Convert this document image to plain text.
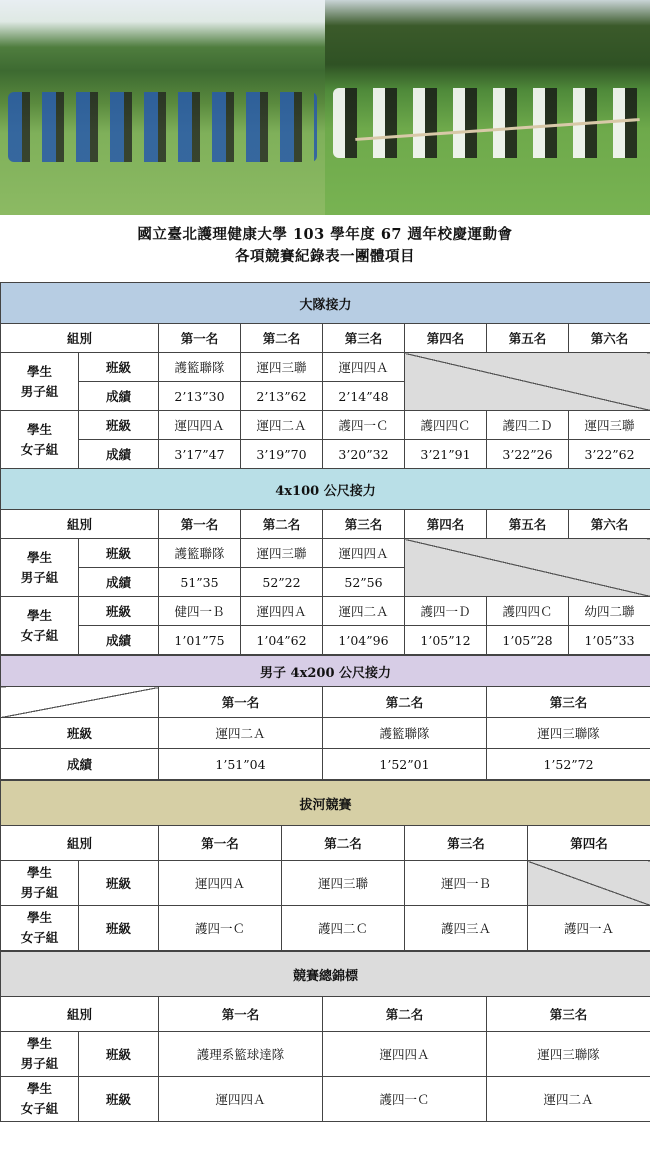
國立臺北護理健康大學 103 學年度 67 週年校慶運動會
各項競賽紀錄表一團體項目
大隊接力							
組別		第一名	第二名	第三名	第四名	第五名	第六名
學生
男子組	班級	護籃聯隊	運四三聯	運四四Ａ			
	成績	2’13”30	2’13”62	2’14”48			
學生
女子組	班級	運四四Ａ	運四二Ａ	護四一Ｃ	護四四Ｃ	護四二Ｄ	運四三聯
	成績	3’17”47	3’19”70	3’20”32	3’21”91	3’22”26	3’22”62
4x100 公尺接力							
組別		第一名	第二名	第三名	第四名	第五名	第六名
學生
男子組	班級	護籃聯隊	運四三聯	運四四Ａ			
	成績	51”35	52”22	52”56			
學生
女子組	班級	健四一Ｂ	運四四Ａ	運四二Ａ	護四一Ｄ	護四四Ｃ	幼四二聯
	成績	1’01”75	1’04”62	1’04”96	1’05”12	1’05”28	1’05”33
男子 4x200 公尺接力			
	第一名	第二名	第三名
班級	運四二Ａ	護籃聯隊	運四三聯隊
成績	1’51”04	1’52”01	1’52”72
拔河競賽					
組別		第一名	第二名	第三名	第四名
學生
男子組	班級	運四四Ａ	運四三聯	運四一Ｂ	
學生
女子組	班級	護四一Ｃ	護四二Ｃ	護四三Ａ	護四一Ａ
競賽總錦標				
組別		第一名	第二名	第三名
學生
男子組	班級	護理系籃球達隊	運四四Ａ	運四三聯隊
學生
女子組	班級	運四四Ａ	護四一Ｃ	運四二Ａ
